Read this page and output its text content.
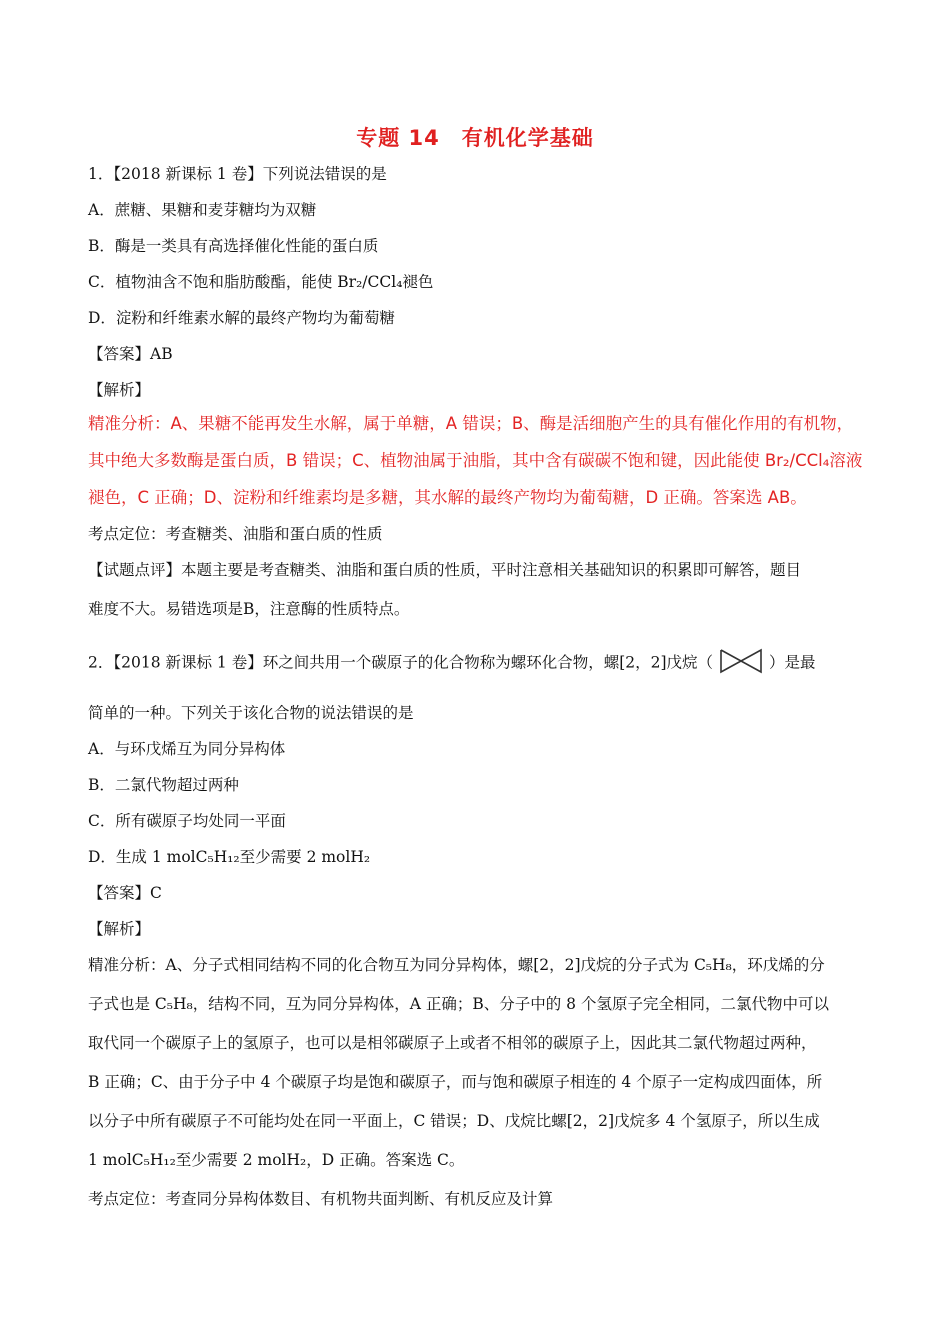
专题 14　有机化学基础
1．【2018 新课标 1 卷】下列说法错误的是
A．蔗糖、果糖和麦芽糖均为双糖
B．酶是一类具有高选择催化性能的蛋白质
C．植物油含不饱和脂肪酸酯，能使 Br₂/CCl₄褪色
D．淀粉和纤维素水解的最终产物均为葡萄糖
【答案】AB
【解析】
精准分析：A、果糖不能再发生水解，属于单糖，A 错误；B、酶是活细胞产生的具有催化作用的有机物，
其中绝大多数酶是蛋白质，B 错误；C、植物油属于油脂，其中含有碳碳不饱和键，因此能使 Br₂/CCl₄溶液
褪色，C 正确；D、淀粉和纤维素均是多糖，其水解的最终产物均为葡萄糖，D 正确。答案选 AB。
考点定位：考查糖类、油脂和蛋白质的性质
【试题点评】本题主要是考查糖类、油脂和蛋白质的性质，平时注意相关基础知识的积累即可解答，题目
难度不大。易错选项是B，注意酶的性质特点。
2．【2018 新课标 1 卷】环之间共用一个碳原子的化合物称为螺环化合物，螺[2，2]戊烷（	）是最
简单的一种。下列关于该化合物的说法错误的是
A．与环戊烯互为同分异构体
B．二氯代物超过两种
C．所有碳原子均处同一平面
D．生成 1 molC₅H₁₂至少需要 2 molH₂
【答案】C
【解析】
精准分析：A、分子式相同结构不同的化合物互为同分异构体，螺[2，2]戊烷的分子式为 C₅H₈，环戊烯的分
子式也是 C₅H₈，结构不同，互为同分异构体，A 正确；B、分子中的 8 个氢原子完全相同，二氯代物中可以
取代同一个碳原子上的氢原子，也可以是相邻碳原子上或者不相邻的碳原子上，因此其二氯代物超过两种，
B 正确；C、由于分子中 4 个碳原子均是饱和碳原子，而与饱和碳原子相连的 4 个原子一定构成四面体，所
以分子中所有碳原子不可能均处在同一平面上，C 错误；D、戊烷比螺[2，2]戊烷多 4 个氢原子，所以生成
1 molC₅H₁₂至少需要 2 molH₂，D 正确。答案选 C。
考点定位：考查同分异构体数目、有机物共面判断、有机反应及计算
